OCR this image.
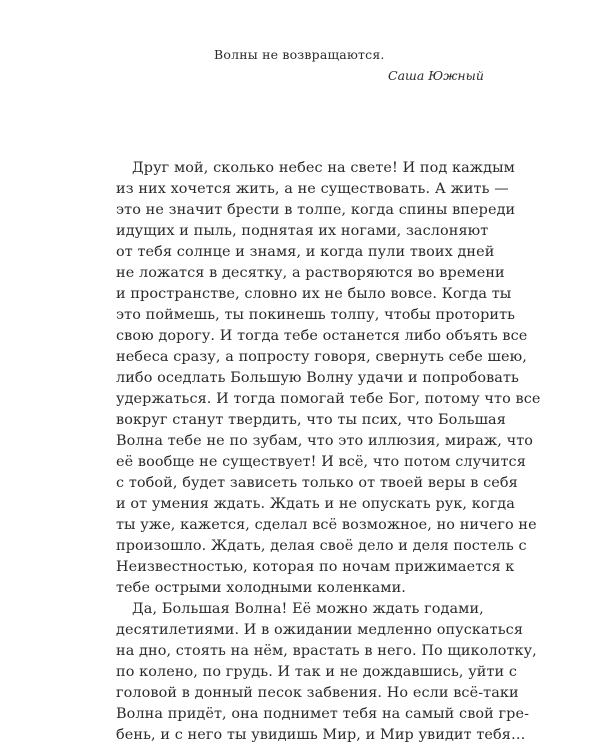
Волны не возвращаются.
Саша Южный
Друг мой, сколько небес на свете! И под каждым
из них хочется жить, а не существовать. А жить —
это не значит брести в толпе, когда спины впереди
идущих и пыль, поднятая их ногами, заслоняют
от тебя солнце и знамя, и когда пули твоих дней
не ложатся в десятку, а растворяются во времени
и пространстве, словно их не было вовсе. Когда ты
это поймешь, ты покинешь толпу, чтобы проторить
свою дорогу. И тогда тебе останется либо объять все
небеса сразу, а попросту говоря, свернуть себе шею,
либо оседлать Большую Волну удачи и попробовать
удержаться. И тогда помогай тебе Бог, потому что все
вокруг станут твердить, что ты псих, что Большая
Волна тебе не по зубам, что это иллюзия, мираж, что
её вообще не существует! И всё, что потом случится
с тобой, будет зависеть только от твоей веры в себя
и от умения ждать. Ждать и не опускать рук, когда
ты уже, кажется, сделал всё возможное, но ничего не
произошло. Ждать, делая своё дело и деля постель с
Неизвестностью, которая по ночам прижимается к
тебе острыми холодными коленками.
Да, Большая Волна! Её можно ждать годами,
десятилетиями. И в ожидании медленно опускаться
на дно, стоять на нём, врастать в него. По щиколотку,
по колено, по грудь. И так и не дождавшись, уйти с
головой в донный песок забвения. Но если всё-таки
Волна придёт, она поднимет тебя на самый свой гре-
бень, и с него ты увидишь Мир, и Мир увидит тебя…
